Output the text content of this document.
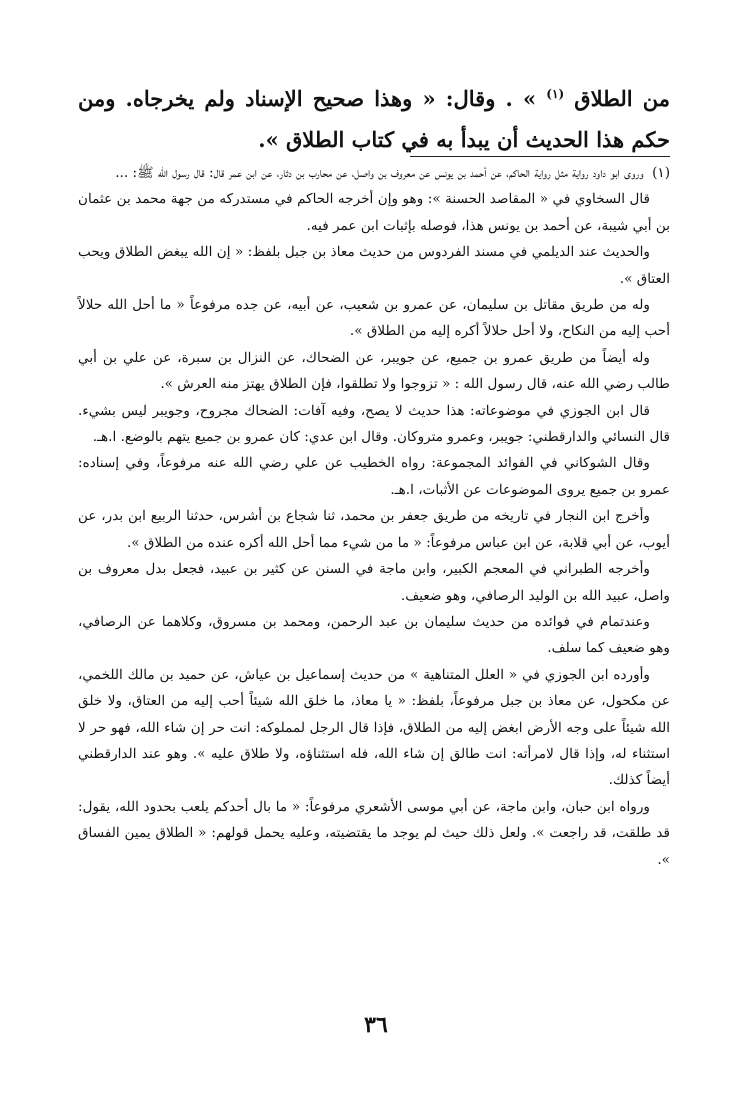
من الطلاق $^{(١)}$ » . وقال: « وهذا صحيح الإسناد ولم يخرجاه. ومن حكم هذا الحديث أن يبدأ به في كتاب الطلاق ».

(١) وروى ابو داود رواية مثل رواية الحاكم، عن أحمد بن يونس عن معروف بن واصل، عن محارب بن دثار، عن ابن عمر قال: قال رسول الله ﷺ: ...

قال السخاوي في « المقاصد الحسنة »: وهو وإن أخرجه الحاكم في مستدركه من جهة محمد بن عثمان بن أبي شيبة، عن أحمد بن يونس هذا، فوصله بإثبات ابن عمر فيه.

والحديث عند الديلمي في مسند الفردوس من حديث معاذ بن جبل بلفظ: « إن الله يبغض الطلاق ويحب العتاق ».

وله من طريق مقاتل بن سليمان، عن عمرو بن شعيب، عن أبيه، عن جده مرفوعاً « ما أحل الله حلالاً أحب إليه من النكاح، ولا أحل حلالاً أكره إليه من الطلاق ».

وله أيضاً من طريق عمرو بن جميع، عن جويبر، عن الضحاك، عن النزال بن سبرة، عن علي بن أبي طالب رضي الله عنه، قال رسول الله : « تزوجوا ولا تطلقوا، فإن الطلاق يهتز منه العرش ».

قال ابن الجوزي في موضوعاته: هذا حديث لا يصح، وفيه آفات: الضحاك مجروح، وجويبر ليس بشيء. قال النسائي والدارقطني: جويبر، وعمرو متروكان. وقال ابن عدي: كان عمرو بن جميع يتهم بالوضع. ا.هـ.

وقال الشوكاني في الفوائد المجموعة: رواه الخطيب عن علي رضي الله عنه مرفوعاً، وفي إسناده: عمرو بن جميع يروى الموضوعات عن الأثبات، ا.هـ.

وأخرج ابن النجار في تاريخه من طريق جعفر بن محمد، ثنا شجاع بن أشرس، حدثنا الربيع ابن بدر، عن أيوب، عن أبي قلابة، عن ابن عباس مرفوعاً: « ما من شيء مما أحل الله أكره عنده من الطلاق ».

وأخرجه الطبراني في المعجم الكبير، وابن ماجة في السنن عن كثير بن عبيد، فجعل بدل معروف بن واصل، عبيد الله بن الوليد الرصافي، وهو ضعيف.

وعندتمام في فوائده من حديث سليمان بن عبد الرحمن، ومحمد بن مسروق، وكلاهما عن الرصافي، وهو ضعيف كما سلف.

وأورده ابن الجوزي في « العلل المتناهية » من حديث إسماعيل بن عياش، عن حميد بن مالك اللخمي، عن مكحول، عن معاذ بن جبل مرفوعاً، بلفظ: « يا معاذ، ما خلق الله شيئاً أحب إليه من العتاق، ولا خلق الله شيئاً على وجه الأرض ابغض إليه من الطلاق، فإذا قال الرجل لمملوكه: انت حر إن شاء الله، فهو حر لا استثناء له، وإذا قال لامرأته: انت طالق إن شاء الله، فله استثناؤه، ولا طلاق عليه ». وهو عند الدارقطني أيضاً كذلك.

ورواه ابن حبان، وابن ماجة، عن أبي موسى الأشعري مرفوعاً: « ما بال أحدكم يلعب بحدود الله، يقول: قد طلقت، قد راجعت ». ولعل ذلك حيث لم يوجد ما يقتضيته، وعليه يحمل قولهم: « الطلاق يمين الفساق ».

٣٦
